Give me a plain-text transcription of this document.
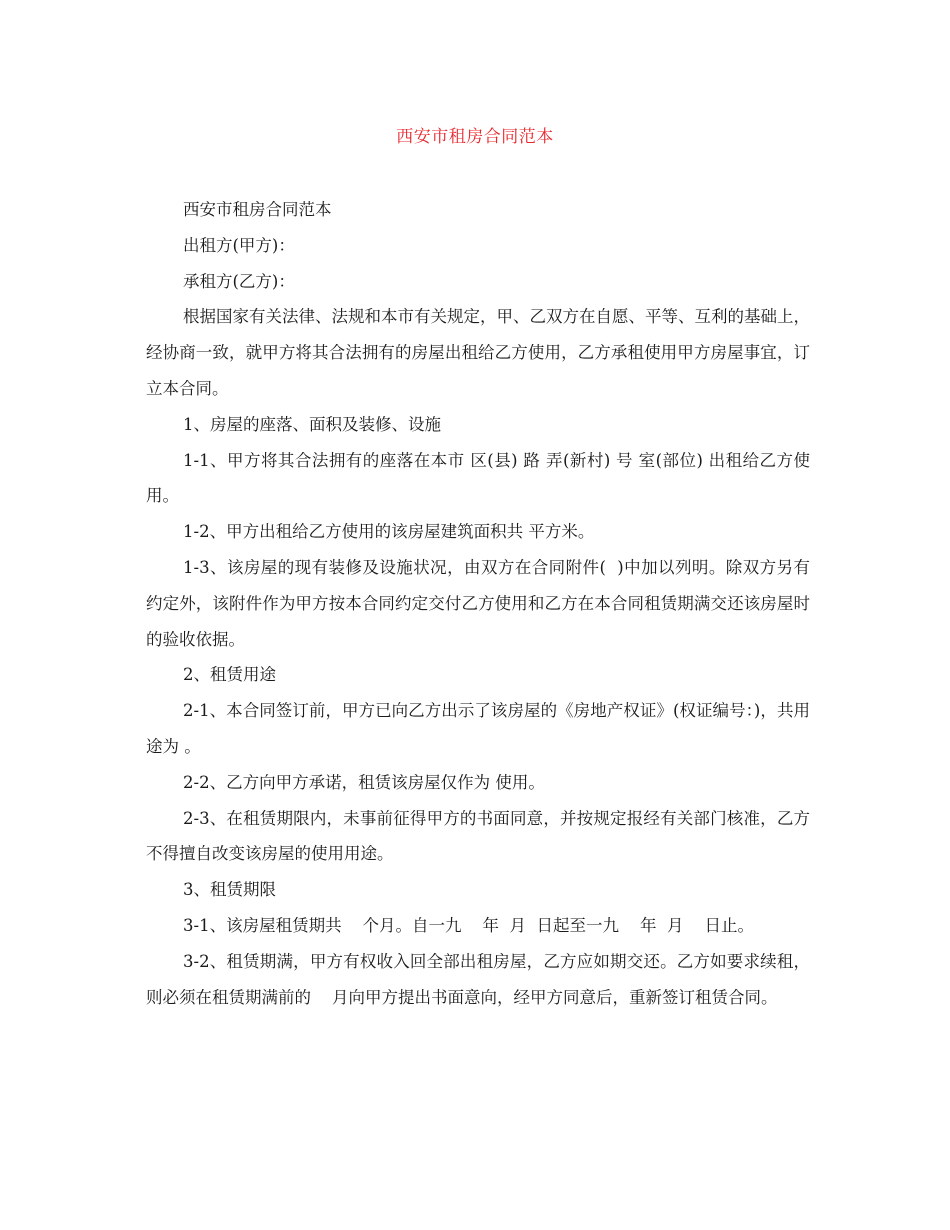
西安市租房合同范本

西安市租房合同范本

出租方(甲方)：

承租方(乙方)：

根据国家有关法律、法规和本市有关规定，甲、乙双方在自愿、平等、互利的基础上，经协商一致，就甲方将其合法拥有的房屋出租给乙方使用，乙方承租使用甲方房屋事宜，订立本合同。

1、房屋的座落、面积及装修、设施

1-1、甲方将其合法拥有的座落在本市 区(县) 路 弄(新村) 号 室(部位) 出租给乙方使用。

1-2、甲方出租给乙方使用的该房屋建筑面积共 平方米。

1-3、该房屋的现有装修及设施状况，由双方在合同附件(  )中加以列明。除双方另有约定外，该附件作为甲方按本合同约定交付乙方使用和乙方在本合同租赁期满交还该房屋时的验收依据。

2、租赁用途

2-1、本合同签订前，甲方已向乙方出示了该房屋的《房地产权证》(权证编号：)，共用途为 。

2-2、乙方向甲方承诺，租赁该房屋仅作为 使用。

2-3、在租赁期限内，未事前征得甲方的书面同意，并按规定报经有关部门核准，乙方不得擅自改变该房屋的使用用途。

3、租赁期限

3-1、该房屋租赁期共    个月。自一九    年  月  日起至一九    年  月    日止。

3-2、租赁期满，甲方有权收入回全部出租房屋，乙方应如期交还。乙方如要求续租，则必须在租赁期满前的    月向甲方提出书面意向，经甲方同意后，重新签订租赁合同。
